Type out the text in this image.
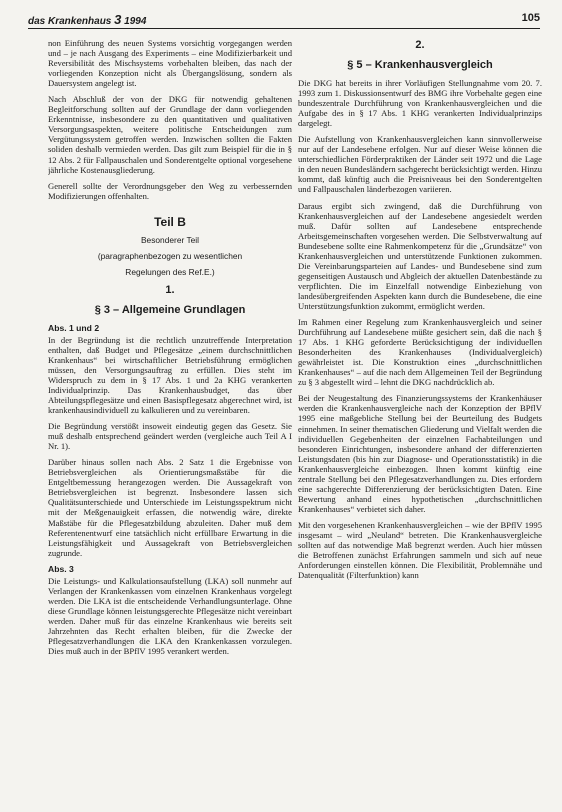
das Krankenhaus 3 1994	105

non Einführung des neuen Systems vorsichtig vorgegangen werden und – je nach Ausgang des Experiments – eine Modifizierbarkeit und Reversibilität des Mischsystems vorbehalten bleiben, das nach der vorliegenden Konzeption nicht als Übergangslösung, sondern als Dauersystem angelegt ist.

Nach Abschluß der von der DKG für notwendig gehaltenen Begleitforschung sollten auf der Grundlage der dann vorliegenden Erkenntnisse, insbesondere zu den quantitativen und qualitativen Versorgungsaspekten, weitere politische Entscheidungen zum Vergütungssystem getroffen werden. Inzwischen sollten die Fakten soliden deshalb vermieden werden. Das gilt zum Beispiel für die in § 12 Abs. 2 für Fallpauschalen und Sonderentgelte optional vorgesehene jährliche Kostenausgliederung.

Generell sollte der Verordnungsgeber den Weg zu verbessernden Modifizierungen offenhalten.

Teil B

Besonderer Teil

(paragraphenbezogen zu wesentlichen

Regelungen des Ref.E.)

1.

§ 3 – Allgemeine Grundlagen

Abs. 1 und 2

In der Begründung ist die rechtlich unzutreffende Interpretation enthalten, daß Budget und Pflegesätze „einem durchschnittlichen Krankenhaus“ bei wirtschaftlicher Betriebsführung ermöglichen müssen, den Versorgungsauftrag zu erfüllen. Dies steht im Widerspruch zu dem in § 17 Abs. 1 und 2a KHG verankerten Individualprinzip. Das Krankenhausbudget, das über Abteilungspflegesätze und einen Basispflegesatz abgerechnet wird, ist krankenhausindividuell zu kalkulieren und zu vereinbaren.

Die Begründung verstößt insoweit eindeutig gegen das Gesetz. Sie muß deshalb entsprechend geändert werden (vergleiche auch Teil A I Nr. 1).

Darüber hinaus sollen nach Abs. 2 Satz 1 die Ergebnisse von Betriebsvergleichen als Orientierungsmaßstäbe für die Entgeltbemessung herangezogen werden. Die Aussagekraft von Betriebsvergleichen ist begrenzt. Insbesondere lassen sich Qualitätsunterschiede und Unterschiede im Leistungsspektrum nicht mit der Meßgenauigkeit erfassen, die notwendig wäre, direkte Maßstäbe für die Pflegesatzbildung abzuleiten. Daher muß dem Referentenentwurf eine tatsächlich nicht erfüllbare Erwartung in die Leistungsfähigkeit und Aussagekraft von Betriebsvergleichen zugrunde.

Abs. 3

Die Leistungs- und Kalkulationsaufstellung (LKA) soll nunmehr auf Verlangen der Krankenkassen vom einzelnen Krankenhaus vorgelegt werden. Die LKA ist die entscheidende Verhandlungsunterlage. Ohne diese Grundlage können leistungsgerechte Pflegesätze nicht vereinbart werden. Daher muß für das einzelne Krankenhaus wie bereits seit Jahrzehnten das Recht erhalten bleiben, für die Zwecke der Pflegesatzverhandlungen die LKA den Krankenkassen vorzulegen. Dies muß auch in der BPflV 1995 verankert werden.

2.

§ 5 – Krankenhausvergleich

Die DKG hat bereits in ihrer Vorläufigen Stellungnahme vom 20. 7. 1993 zum 1. Diskussionsentwurf des BMG ihre Vorbehalte gegen eine bundeszentrale Durchführung von Krankenhausvergleichen und die Aufgabe des in § 17 Abs. 1 KHG verankerten Individualprinzips dargelegt.

Die Aufstellung von Krankenhausvergleichen kann sinnvollerweise nur auf der Landesebene erfolgen. Nur auf dieser Weise können die unterschiedlichen Förderpraktiken der Länder seit 1972 und die Lage in den neuen Bundesländern sachgerecht berücksichtigt werden. Hinzu kommt, daß künftig auch die Preisniveaus bei den Sonderentgelten und Fallpauschalen länderbezogen variieren.

Daraus ergibt sich zwingend, daß die Durchführung von Krankenhausvergleichen auf der Landesebene angesiedelt werden muß. Dafür sollten auf Landesebene entsprechende Arbeitsgemeinschaften vorgesehen werden. Die Selbstverwaltung auf Bundesebene sollte eine Rahmenkompetenz für die „Grundsätze“ von Krankenhausvergleichen und unterstützende Funktionen zukommen. Die Vereinbarungsparteien auf Landes- und Bundesebene sind zum gegenseitigen Austausch und Abgleich der aktuellen Datenbestände zu verpflichten. Die im Einzelfall notwendige Einbeziehung von landesübergreifenden Aspekten kann durch die Bundesebene, die eine Unterstützungsfunktion zukommt, ermöglicht werden.

Im Rahmen einer Regelung zum Krankenhausvergleich und seiner Durchführung auf Landesebene müßte gesichert sein, daß die nach § 17 Abs. 1 KHG geforderte Berücksichtigung der individuellen Besonderheiten des Krankenhauses (Individualvergleich) gewährleistet ist. Die Konstruktion eines „durchschnittlichen Krankenhauses“ – auf die nach dem Allgemeinen Teil der Begründung zu § 3 abgestellt wird – lehnt die DKG nachdrücklich ab.

Bei der Neugestaltung des Finanzierungssystems der Krankenhäuser werden die Krankenhausvergleiche nach der Konzeption der BPflV 1995 eine maßgebliche Stellung bei der Beurteilung des Budgets einnehmen. In seiner thematischen Gliederung und Vielfalt werden die individuellen Gegebenheiten der einzelnen Fachabteilungen und besonderen Einrichtungen, insbesondere anhand der differenzierten Leistungsdaten (bis hin zur Diagnose- und Operationsstatistik) in die Krankenhausvergleiche einbezogen. Ihnen kommt künftig eine zentrale Stellung bei den Pflegesatzverhandlungen zu. Dies erfordern eine sachgerechte Differenzierung der berücksichtigten Daten. Eine Bewertung anhand eines hypothetischen „durchschnittlichen Krankenhauses“ verbietet sich daher.

Mit den vorgesehenen Krankenhausvergleichen – wie der BPflV 1995 insgesamt – wird „Neuland“ betreten. Die Krankenhausvergleiche sollten auf das notwendige Maß begrenzt werden. Auch hier müssen die Betroffenen zunächst Erfahrungen sammeln und sich auf neue Anforderungen einstellen können. Die Flexibilität, Problemnähe und Datenqualität (Filterfunktion) kann
